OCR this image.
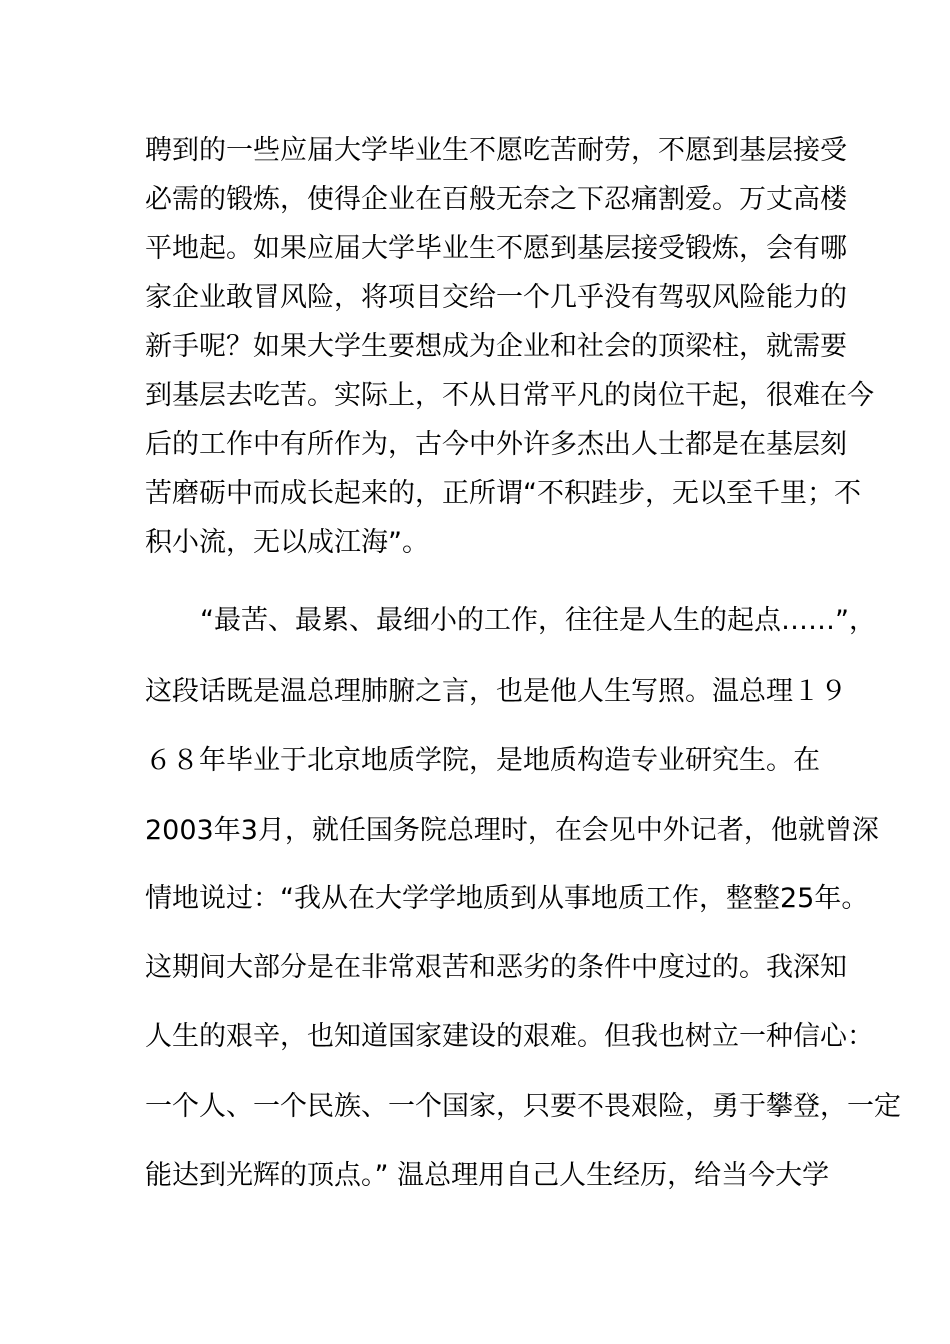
聘到的一些应届大学毕业生不愿吃苦耐劳，不愿到基层接受
必需的锻炼，使得企业在百般无奈之下忍痛割爱。万丈高楼
平地起。如果应届大学毕业生不愿到基层接受锻炼，会有哪
家企业敢冒风险，将项目交给一个几乎没有驾驭风险能力的
新手呢？如果大学生要想成为企业和社会的顶梁柱，就需要
到基层去吃苦。实际上，不从日常平凡的岗位干起，很难在今
后的工作中有所作为，古今中外许多杰出人士都是在基层刻
苦磨砺中而成长起来的，正所谓“不积跬步，无以至千里；不
积小流，无以成江海”。
“最苦、最累、最细小的工作，往往是人生的起点……”，
这段话既是温总理肺腑之言，也是他人生写照。温总理１９
６８年毕业于北京地质学院，是地质构造专业研究生。在
2003年3月，就任国务院总理时，在会见中外记者，他就曾深
情地说过：“我从在大学学地质到从事地质工作，整整25年。
这期间大部分是在非常艰苦和恶劣的条件中度过的。我深知
人生的艰辛，也知道国家建设的艰难。但我也树立一种信心：
一个人、一个民族、一个国家，只要不畏艰险，勇于攀登，一定
能达到光辉的顶点。” 温总理用自己人生经历，给当今大学
